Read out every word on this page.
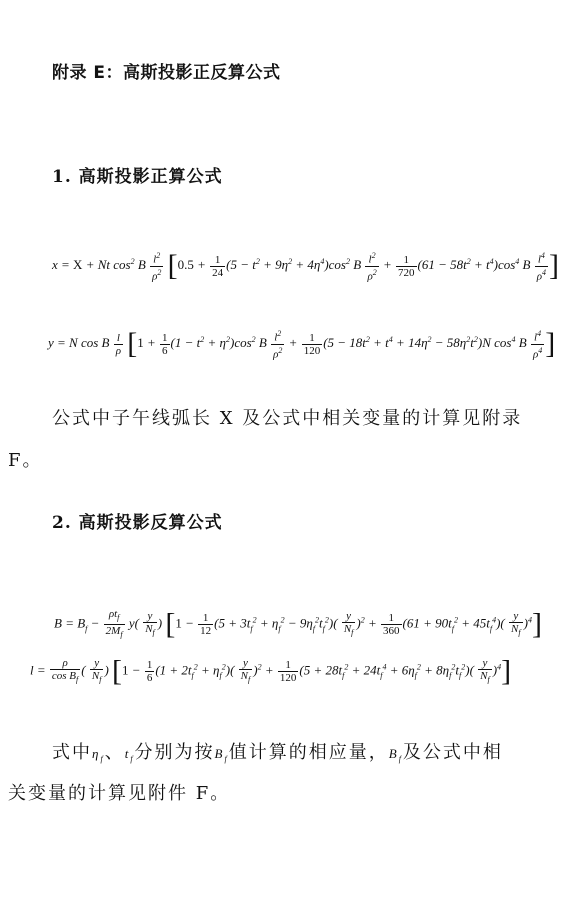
附录 E：高斯投影正反算公式
1. 高斯投影正算公式
x = X + Nt $\cos^2 B \frac{l^2}{\rho^2} [0.5 + \frac{1}{24} (5 - t^2 + 9\eta^2 + 4\eta^4)\cos^2$ B $\frac{l^2}{\rho^2} + \frac{1}{720} (61 - 58t^2 + t^4)\cos^4$ B $\frac{l^4}{\rho^4}$ ]
y = N cos B $\frac{l}{\rho} [1 + \frac{1}{6} (1 - t^2 + \eta^2)\cos^2$ B $\frac{l^2}{\rho^2} + \frac{1}{120} (5 - 18t^2 + t^4 + 14\eta^2 - 58\eta^2t^2)N$ $\cos^4 B \frac{l^4}{\rho^4}$ ]
公式中子午线弧长 X 及公式中相关变量的计算见附录
F。
2. 高斯投影反算公式
$B = B_f - \frac{\rho t_f}{2M_f} y( \frac{y}{N_f}$ ) $[1 - \frac{1}{12} (5 + 3t_f^2 + \eta_f^2 - 9\eta_f^2t_f^2)( \frac{y}{N_f} )^2 + \frac{1}{360} (61 + 90t_f^2 + 45t_f^4)( \frac{y}{N_f} )^4]$
$l = \frac{\rho}{\cos B_f}$ ( $\frac{y}{N_f}$ ) $[1 - \frac{1}{6} (1 + 2t_f^2 + \eta_f^2)( \frac{y}{N_f} )^2 + \frac{1}{120} (5 + 28t_f^2 + 24t_f^4 + 6\eta_f^2 + 8\eta_f^2t_f^2)( \frac{y}{N_f} )^4]$
式中$\eta_f$、$t_f$分别为按$B_f$值计算的相应量，$B_f$及公式中相
关变量的计算见附件 F。
